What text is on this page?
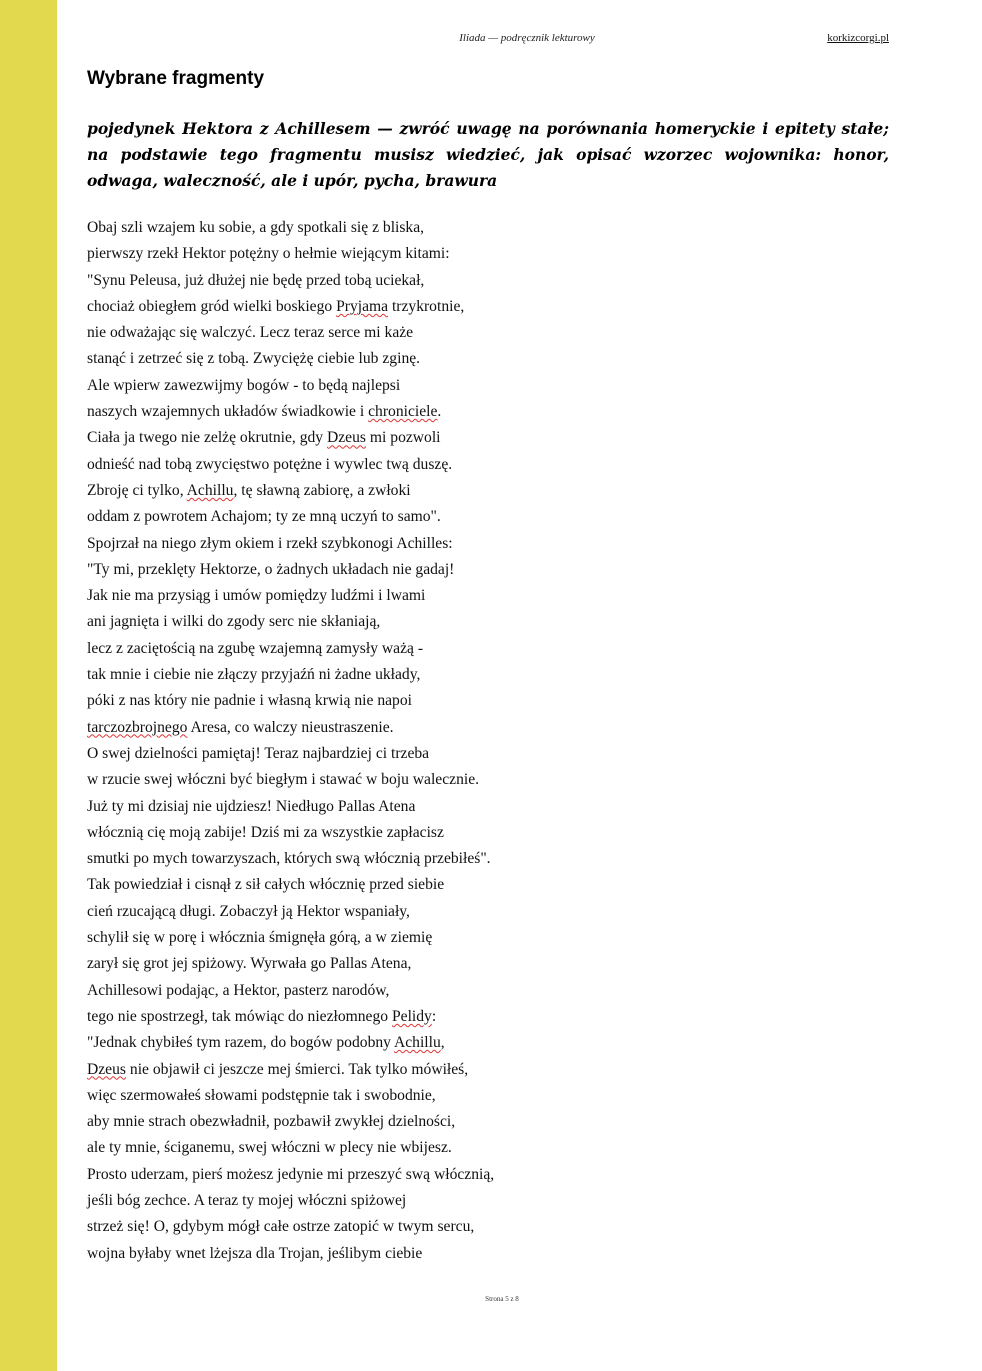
Iliada — podręcznik lekturowy	korkizcorgi.pl
Wybrane fragmenty

pojedynek Hektora z Achillesem — zwróć uwagę na porównania homeryckie i epitety stałe; na podstawie tego fragmentu musisz wiedzieć, jak opisać wzorzec wojownika: honor, odwaga, waleczność, ale i upór, pycha, brawura

Obaj szli wzajem ku sobie, a gdy spotkali się z bliska,
pierwszy rzekł Hektor potężny o hełmie wiejącym kitami:
"Synu Peleusa, już dłużej nie będę przed tobą uciekał,
chociaż obiegłem gród wielki boskiego Pryjama trzykrotnie,
nie odważając się walczyć. Lecz teraz serce mi każe
stanąć i zetrzeć się z tobą. Zwyciężę ciebie lub zginę.
Ale wpierw zawezwijmy bogów - to będą najlepsi
naszych wzajemnych układów świadkowie i chroniciele.
Ciała ja twego nie zelżę okrutnie, gdy Dzeus mi pozwoli
odnieść nad tobą zwycięstwo potężne i wywlec twą duszę.
Zbroję ci tylko, Achillu, tę sławną zabiorę, a zwłoki
oddam z powrotem Achajom; ty ze mną uczyń to samo".
Spojrzał na niego złym okiem i rzekł szybkonogi Achilles:
"Ty mi, przeklęty Hektorze, o żadnych układach nie gadaj!
Jak nie ma przysiąg i umów pomiędzy ludźmi i lwami
ani jagnięta i wilki do zgody serc nie skłaniają,
lecz z zaciętością na zgubę wzajemną zamysły ważą -
tak mnie i ciebie nie złączy przyjaźń ni żadne układy,
póki z nas który nie padnie i własną krwią nie napoi
tarczozbrojnego Aresa, co walczy nieustraszenie.
O swej dzielności pamiętaj! Teraz najbardziej ci trzeba
w rzucie swej włóczni być biegłym i stawać w boju walecznie.
Już ty mi dzisiaj nie ujdziesz! Niedługo Pallas Atena
włócznią cię moją zabije! Dziś mi za wszystkie zapłacisz
smutki po mych towarzyszach, których swą włócznią przebiłeś".
Tak powiedział i cisnął z sił całych włócznię przed siebie
cień rzucającą długi. Zobaczył ją Hektor wspaniały,
schylił się w porę i włócznia śmignęła górą, a w ziemię
zarył się grot jej spiżowy. Wyrwała go Pallas Atena,
Achillesowi podając, a Hektor, pasterz narodów,
tego nie spostrzegł, tak mówiąc do niezłomnego Pelidy:
"Jednak chybiłeś tym razem, do bogów podobny Achillu,
Dzeus nie objawił ci jeszcze mej śmierci. Tak tylko mówiłeś,
więc szermowałeś słowami podstępnie tak i swobodnie,
aby mnie strach obezwładnił, pozbawił zwykłej dzielności,
ale ty mnie, ściganemu, swej włóczni w plecy nie wbijesz.
Prosto uderzam, pierś możesz jedynie mi przeszyć swą włócznią,
jeśli bóg zechce. A teraz ty mojej włóczni spiżowej
strzeż się! O, gdybym mógł całe ostrze zatopić w twym sercu,
wojna byłaby wnet lżejsza dla Trojan, jeślibym ciebie
Strona 5 z 8
